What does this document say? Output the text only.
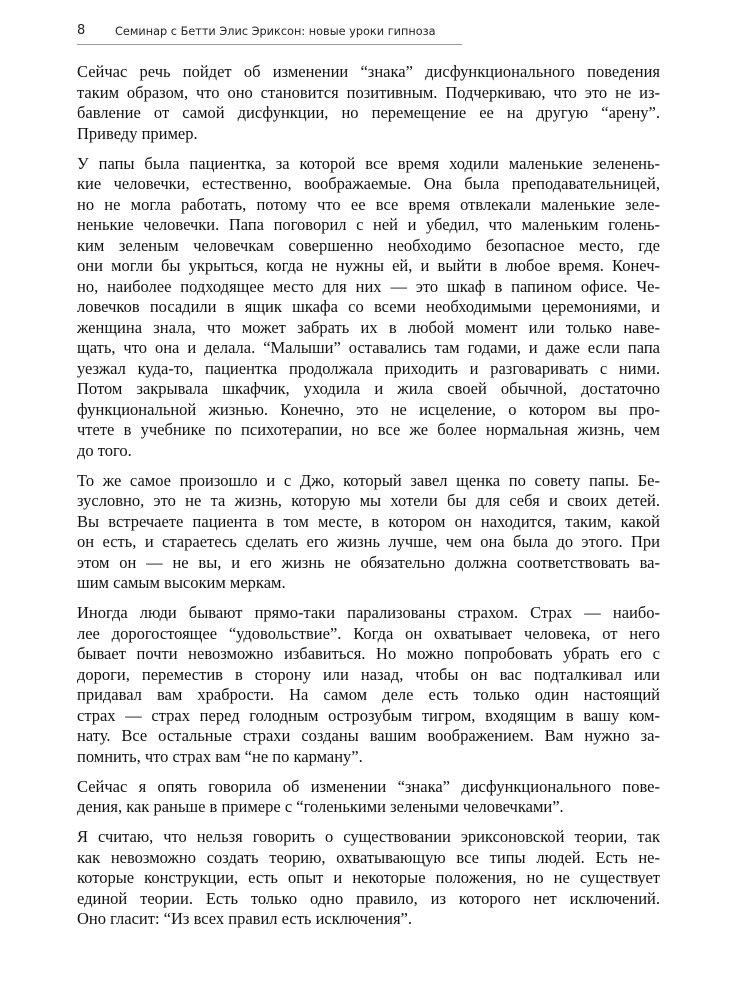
8	Семинар с Бетти Элис Эриксон: новые уроки гипноза

Сейчас речь пойдет об изменении “знака” дисфункционального поведения
таким образом, что оно становится позитивным. Подчеркиваю, что это не из-
бавление от самой дисфункции, но перемещение ее на другую “арену”.
Приведу пример.

У папы была пациентка, за которой все время ходили маленькие зеленень-
кие человечки, естественно, воображаемые. Она была преподавательницей,
но не могла работать, потому что ее все время отвлекали маленькие зеле-
ненькие человечки. Папа поговорил с ней и убедил, что маленьким голень-
ким зеленым человечкам совершенно необходимо безопасное место, где
они могли бы укрыться, когда не нужны ей, и выйти в любое время. Конеч-
но, наиболее подходящее место для них — это шкаф в папином офисе. Че-
ловечков посадили в ящик шкафа со всеми необходимыми церемониями, и
женщина знала, что может забрать их в любой момент или только наве-
щать, что она и делала. “Малыши” оставались там годами, и даже если папа
уезжал куда-то, пациентка продолжала приходить и разговаривать с ними.
Потом закрывала шкафчик, уходила и жила своей обычной, достаточно
функциональной жизнью. Конечно, это не исцеление, о котором вы про-
чтете в учебнике по психотерапии, но все же более нормальная жизнь, чем
до того.

То же самое произошло и с Джо, который завел щенка по совету папы. Бе-
зусловно, это не та жизнь, которую мы хотели бы для себя и своих детей.
Вы встречаете пациента в том месте, в котором он находится, таким, какой
он есть, и стараетесь сделать его жизнь лучше, чем она была до этого. При
этом он — не вы, и его жизнь не обязательно должна соответствовать ва-
шим самым высоким меркам.

Иногда люди бывают прямо-таки парализованы страхом. Страх — наибо-
лее дорогостоящее “удовольствие”. Когда он охватывает человека, от него
бывает почти невозможно избавиться. Но можно попробовать убрать его с
дороги, переместив в сторону или назад, чтобы он вас подталкивал или
придавал вам храбрости. На самом деле есть только один настоящий
страх — страх перед голодным острозубым тигром, входящим в вашу ком-
нату. Все остальные страхи созданы вашим воображением. Вам нужно за-
помнить, что страх вам “не по карману”.

Сейчас я опять говорила об изменении “знака” дисфункционального пове-
дения, как раньше в примере с “голенькими зелеными человечками”.

Я считаю, что нельзя говорить о существовании эриксоновской теории, так
как невозможно создать теорию, охватывающую все типы людей. Есть не-
которые конструкции, есть опыт и некоторые положения, но не существует
единой теории. Есть только одно правило, из которого нет исключений.
Оно гласит: “Из всех правил есть исключения”.
